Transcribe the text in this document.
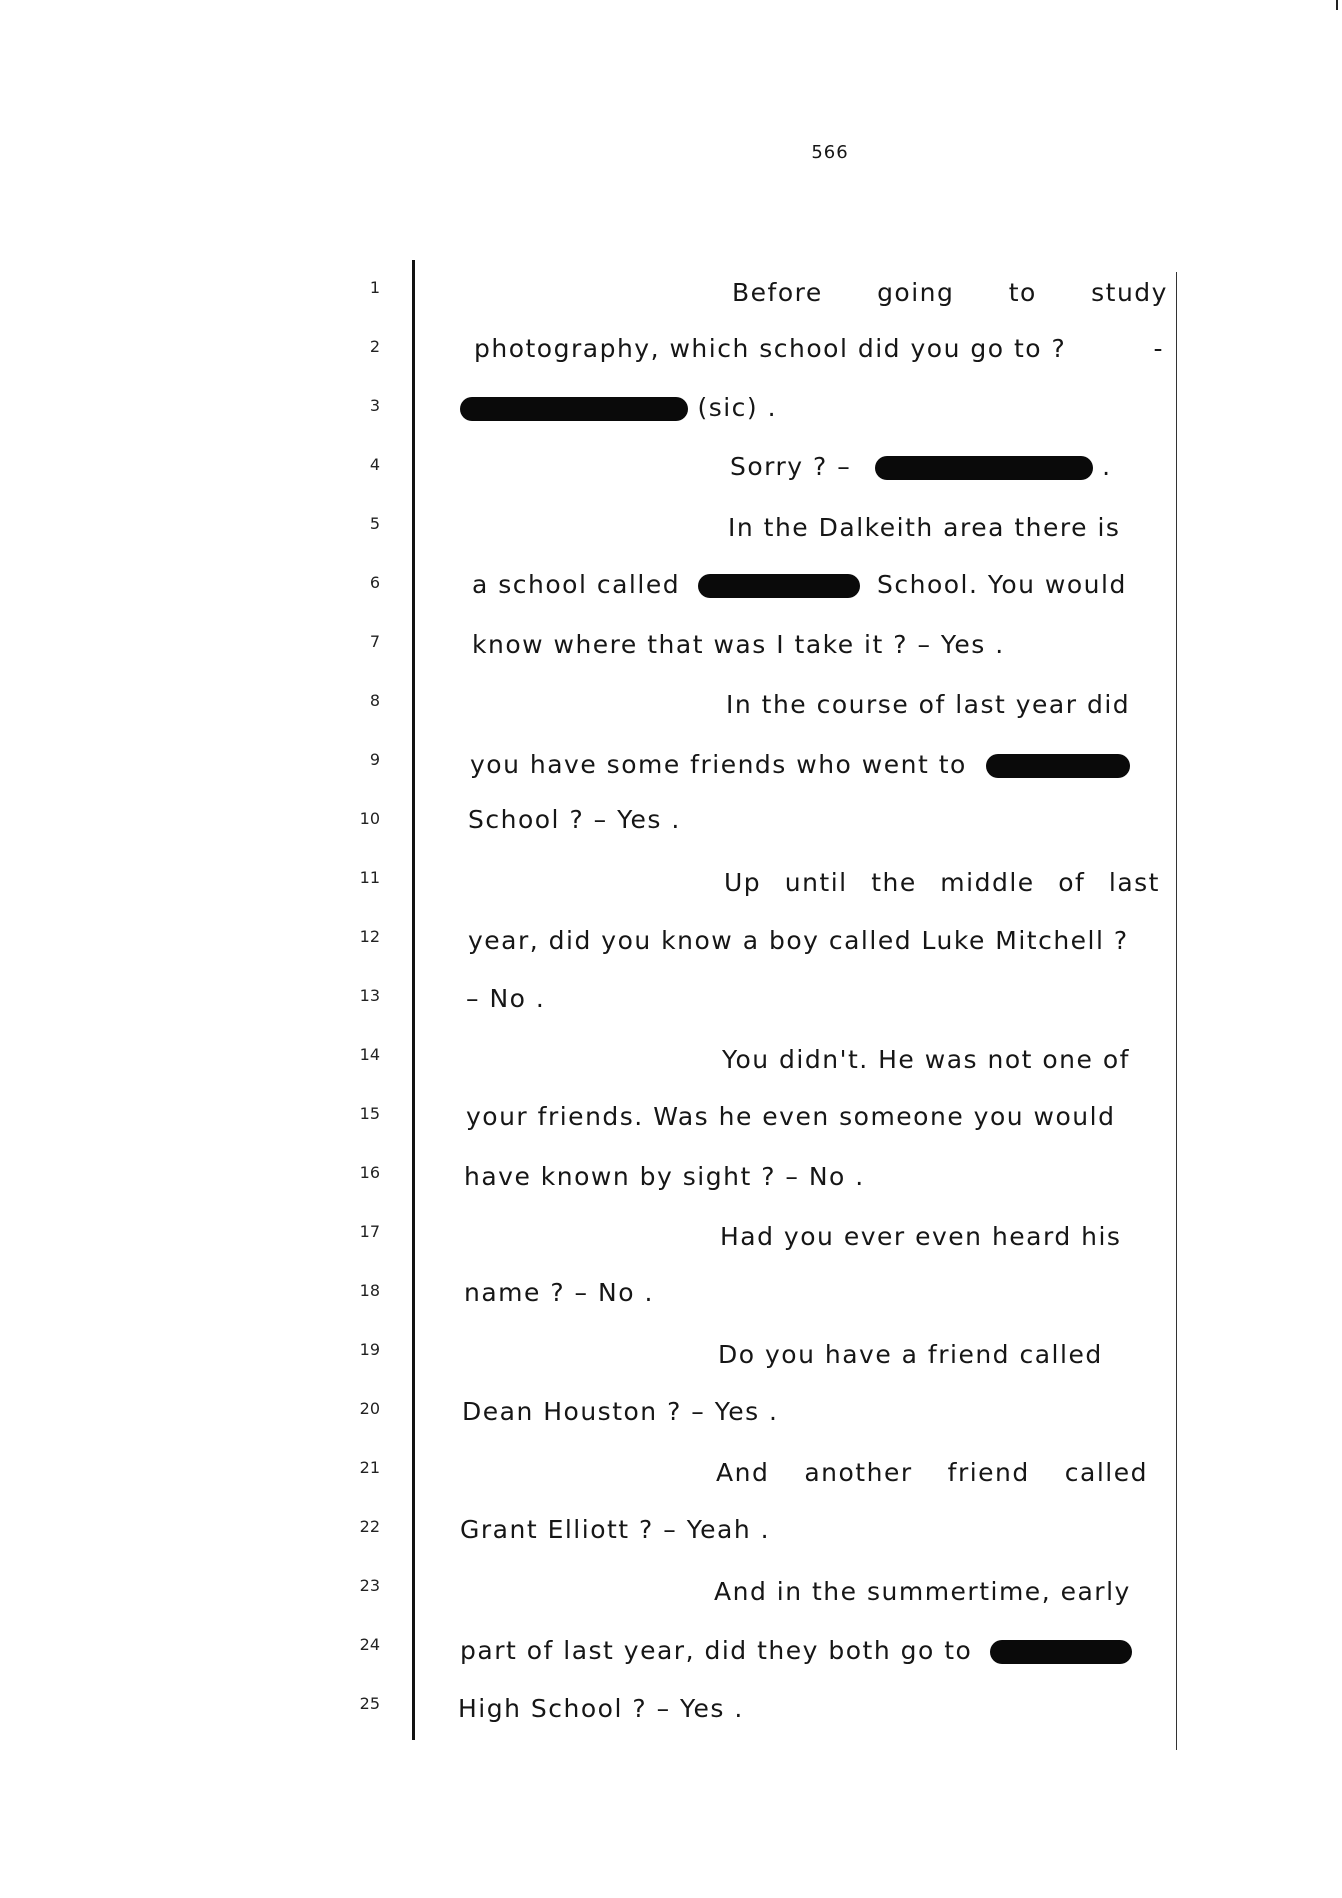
566
1
2
3
4
5
6
7
8
9
10
11
12
13
14
15
16
17
18
19
20
21
22
23
24
25
Before going to study
photography, which school did you go to ?	-
(sic) .
Sorry ? –	.
In the Dalkeith area there is
a school called	School. You would
know where that was I take it ? – Yes .
In the course of last year did
you have some friends who went to
School ? – Yes .
Up until the middle of last
year, did you know a boy called Luke Mitchell ?
– No .
You didn't. He was not one of
your friends. Was he even someone you would
have known by sight ? – No .
Had you ever even heard his
name ? – No .
Do you have a friend called
Dean Houston ? – Yes .
And another friend called
Grant Elliott ? – Yeah .
And in the summertime, early
part of last year, did they both go to
High School ? – Yes .
